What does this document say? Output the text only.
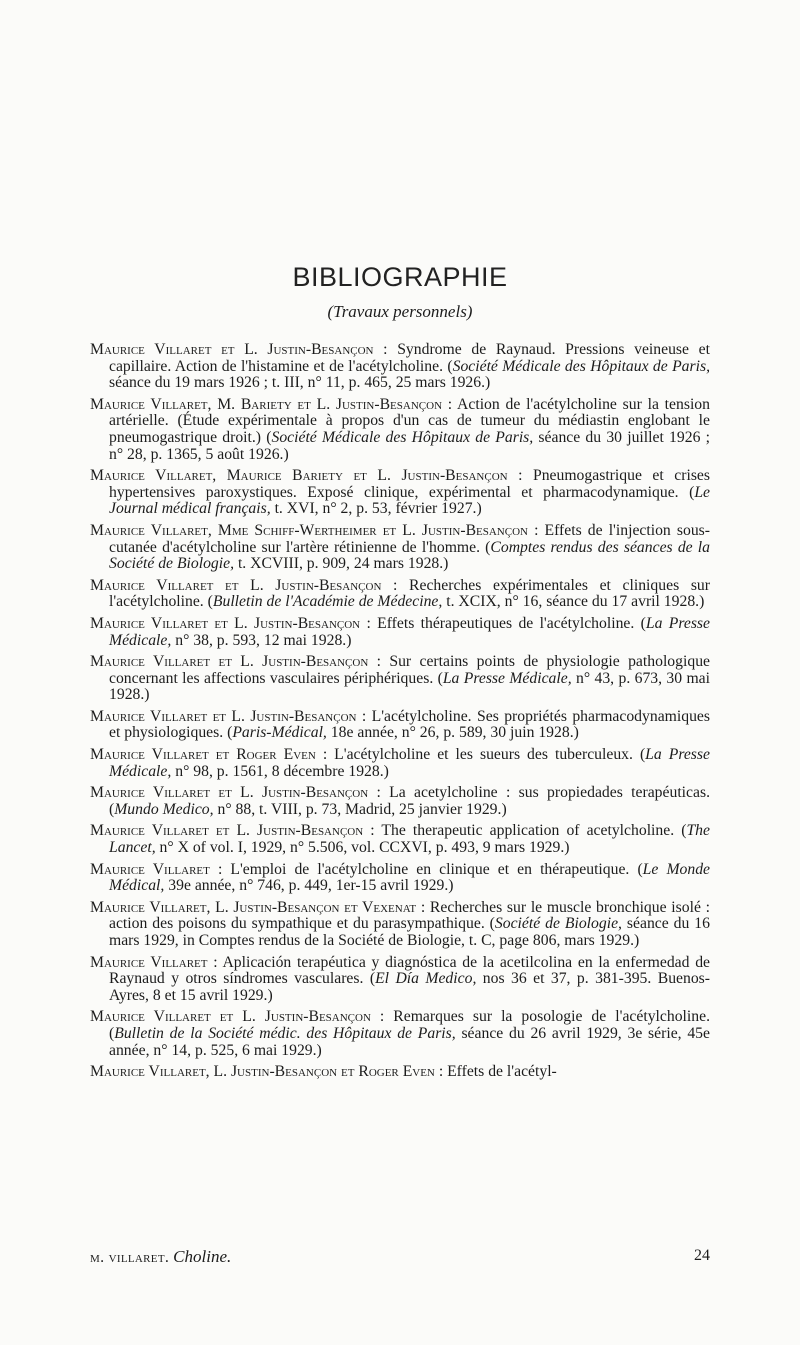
BIBLIOGRAPHIE
(Travaux personnels)

Maurice Villaret et L. Justin-Besançon : Syndrome de Raynaud. Pressions veineuse et capillaire. Action de l'histamine et de l'acétylcholine. (Société Médicale des Hôpitaux de Paris, séance du 19 mars 1926 ; t. III, n° 11, p. 465, 25 mars 1926.)

Maurice Villaret, M. Bariety et L. Justin-Besançon : Action de l'acétylcholine sur la tension artérielle. (Étude expérimentale à propos d'un cas de tumeur du médiastin englobant le pneumogastrique droit.) (Société Médicale des Hôpitaux de Paris, séance du 30 juillet 1926 ; n° 28, p. 1365, 5 août 1926.)

Maurice Villaret, Maurice Bariety et L. Justin-Besançon : Pneumogastrique et crises hypertensives paroxystiques. Exposé clinique, expérimental et pharmacodynamique. (Le Journal médical français, t. XVI, n° 2, p. 53, février 1927.)

Maurice Villaret, Mme Schiff-Wertheimer et L. Justin-Besançon : Effets de l'injection sous-cutanée d'acétylcholine sur l'artère rétinienne de l'homme. (Comptes rendus des séances de la Société de Biologie, t. XCVIII, p. 909, 24 mars 1928.)

Maurice Villaret et L. Justin-Besançon : Recherches expérimentales et cliniques sur l'acétylcholine. (Bulletin de l'Académie de Médecine, t. XCIX, n° 16, séance du 17 avril 1928.)

Maurice Villaret et L. Justin-Besançon : Effets thérapeutiques de l'acétylcholine. (La Presse Médicale, n° 38, p. 593, 12 mai 1928.)

Maurice Villaret et L. Justin-Besançon : Sur certains points de physiologie pathologique concernant les affections vasculaires périphériques. (La Presse Médicale, n° 43, p. 673, 30 mai 1928.)

Maurice Villaret et L. Justin-Besançon : L'acétylcholine. Ses propriétés pharmacodynamiques et physiologiques. (Paris-Médical, 18e année, n° 26, p. 589, 30 juin 1928.)

Maurice Villaret et Roger Even : L'acétylcholine et les sueurs des tuberculeux. (La Presse Médicale, n° 98, p. 1561, 8 décembre 1928.)

Maurice Villaret et L. Justin-Besançon : La acetylcholine : sus propiedades terapéuticas. (Mundo Medico, n° 88, t. VIII, p. 73, Madrid, 25 janvier 1929.)

Maurice Villaret et L. Justin-Besançon : The therapeutic application of acetylcholine. (The Lancet, n° X of vol. I, 1929, n° 5.506, vol. CCXVI, p. 493, 9 mars 1929.)

Maurice Villaret : L'emploi de l'acétylcholine en clinique et en thérapeutique. (Le Monde Médical, 39e année, n° 746, p. 449, 1er-15 avril 1929.)

Maurice Villaret, L. Justin-Besançon et Vexenat : Recherches sur le muscle bronchique isolé : action des poisons du sympathique et du parasympathique. (Société de Biologie, séance du 16 mars 1929, in Comptes rendus de la Société de Biologie, t. C, page 806, mars 1929.)

Maurice Villaret : Aplicación terapéutica y diagnóstica de la acetilcolina en la enfermedad de Raynaud y otros síndromes vasculares. (El Día Medico, nos 36 et 37, p. 381-395. Buenos-Ayres, 8 et 15 avril 1929.)

Maurice Villaret et L. Justin-Besançon : Remarques sur la posologie de l'acétylcholine. (Bulletin de la Société médic. des Hôpitaux de Paris, séance du 26 avril 1929, 3e série, 45e année, n° 14, p. 525, 6 mai 1929.)

Maurice Villaret, L. Justin-Besançon et Roger Even : Effets de l'acétyl-

m. villaret. Choline.	24
